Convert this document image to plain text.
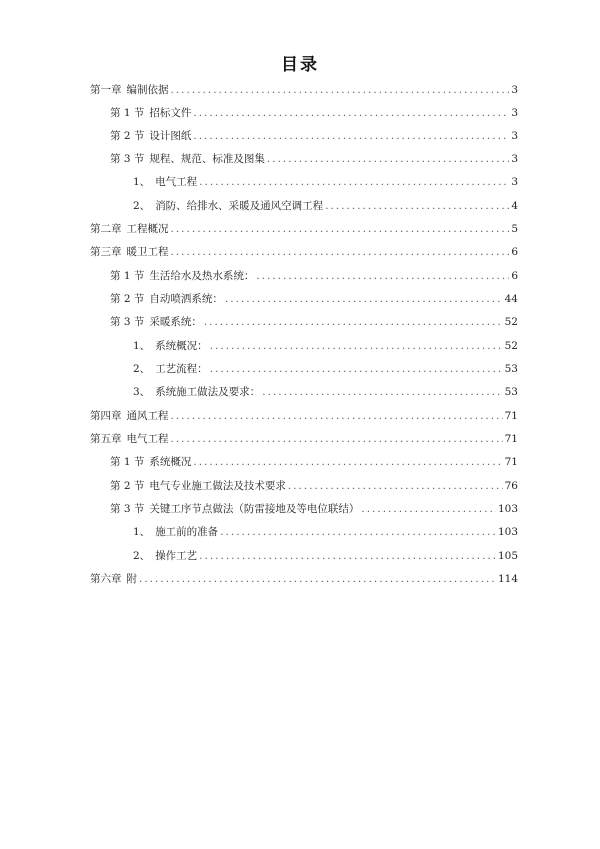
目录
第一章 编制依据 .....	3
第 1 节 招标文件 .....	3
第 2 节 设计图纸 .....	3
第 3 节 规程、规范、标准及图集 .....	3
1、 电气工程 .....	3
2、 消防、给排水、采暖及通风空调工程 .....	4
第二章 工程概况 .....	5
第三章 暖卫工程 .....	6
第 1 节 生活给水及热水系统： .....	6
第 2 节 自动喷洒系统： .....	44
第 3 节 采暖系统： .....	52
1、 系统概况： .....	52
2、 工艺流程： .....	53
3、 系统施工做法及要求： .....	53
第四章 通风工程 .....	71
第五章 电气工程 .....	71
第 1 节 系统概况 .....	71
第 2 节 电气专业施工做法及技术要求 .....	76
第 3 节 关键工序节点做法（防雷接地及等电位联结） .....	103
1、 施工前的准备 .....	103
2、 操作工艺 .....	105
第六章 附 .....	114
